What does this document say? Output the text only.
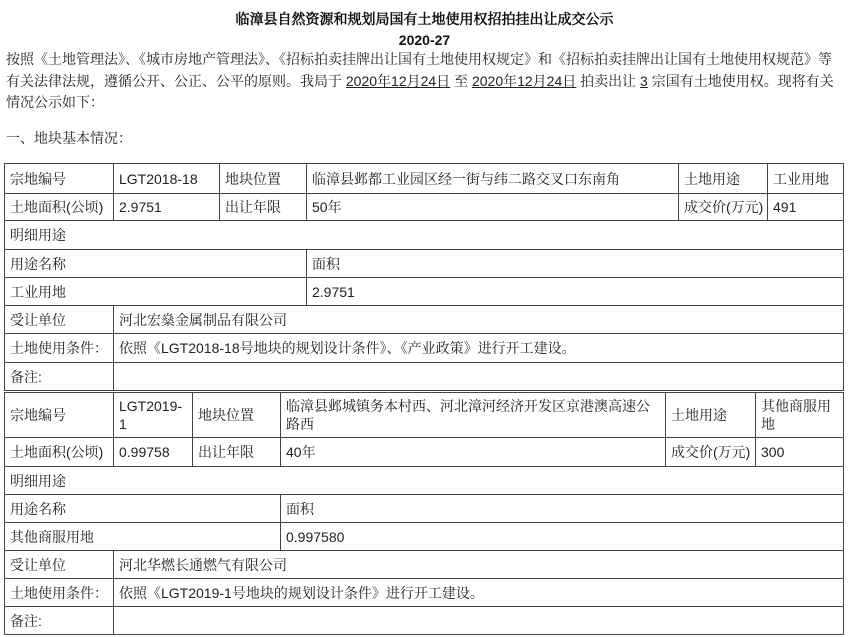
临漳县自然资源和规划局国有土地使用权招拍挂出让成交公示
2020-27
按照《土地管理法》、《城市房地产管理法》、《招标拍卖挂牌出让国有土地使用权规定》和《招标拍卖挂牌出让国有土地使用权规范》等有关法律法规，遵循公开、公正、公平的原则。我局于 2020年12月24日 至 2020年12月24日 拍卖出让 3 宗国有土地使用权。现将有关情况公示如下：
一、地块基本情况：
宗地编号	LGT2018-18	地块位置	临漳县邺都工业园区经一街与纬二路交叉口东南角	土地用途	工业用地
土地面积(公顷)	2.9751	出让年限	50年	成交价(万元)	491
明细用途					
用途名称			面积		
工业用地			2.9751		
受让单位	河北宏燊金属制品有限公司				
土地使用条件：	依照《LGT2018-18号地块的规划设计条件》、《产业政策》进行开工建设。				
备注:					
宗地编号	LGT2019-1	地块位置	临漳县邺城镇务本村西、河北漳河经济开发区京港澳高速公路西	土地用途	其他商服用地
土地面积(公顷)	0.99758	出让年限	40年	成交价(万元)	300
明细用途					
用途名称			面积		
其他商服用地			0.997580		
受让单位	河北华燃长通燃气有限公司				
土地使用条件：	依照《LGT2019-1号地块的规划设计条件》进行开工建设。				
备注:					
